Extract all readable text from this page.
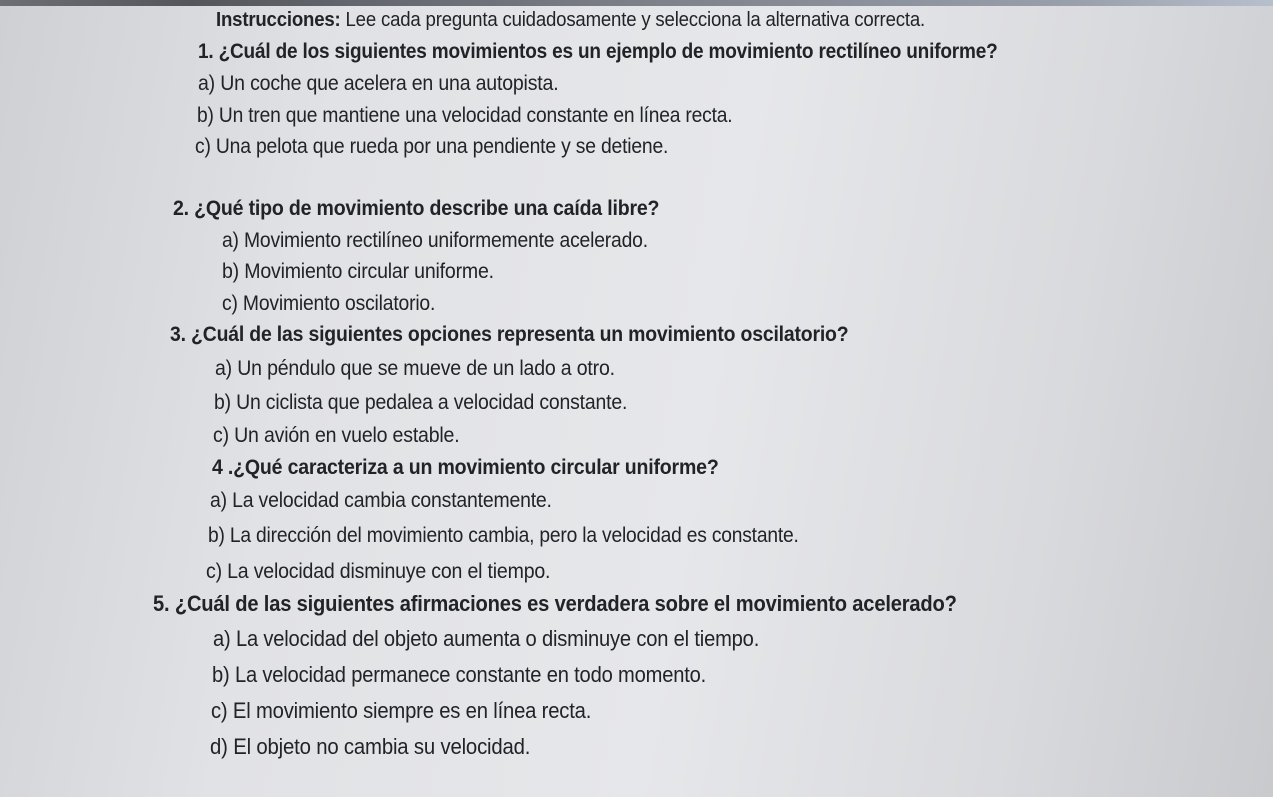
Instrucciones: Lee cada pregunta cuidadosamente y selecciona la alternativa correcta.
1. ¿Cuál de los siguientes movimientos es un ejemplo de movimiento rectilíneo uniforme?
a) Un coche que acelera en una autopista.
b) Un tren que mantiene una velocidad constante en línea recta.
c) Una pelota que rueda por una pendiente y se detiene.
2. ¿Qué tipo de movimiento describe una caída libre?
a) Movimiento rectilíneo uniformemente acelerado.
b) Movimiento circular uniforme.
c) Movimiento oscilatorio.
3. ¿Cuál de las siguientes opciones representa un movimiento oscilatorio?
a) Un péndulo que se mueve de un lado a otro.
b) Un ciclista que pedalea a velocidad constante.
c) Un avión en vuelo estable.
4 .¿Qué caracteriza a un movimiento circular uniforme?
a) La velocidad cambia constantemente.
b) La dirección del movimiento cambia, pero la velocidad es constante.
c) La velocidad disminuye con el tiempo.
5. ¿Cuál de las siguientes afirmaciones es verdadera sobre el movimiento acelerado?
a) La velocidad del objeto aumenta o disminuye con el tiempo.
b) La velocidad permanece constante en todo momento.
c) El movimiento siempre es en línea recta.
d) El objeto no cambia su velocidad.
